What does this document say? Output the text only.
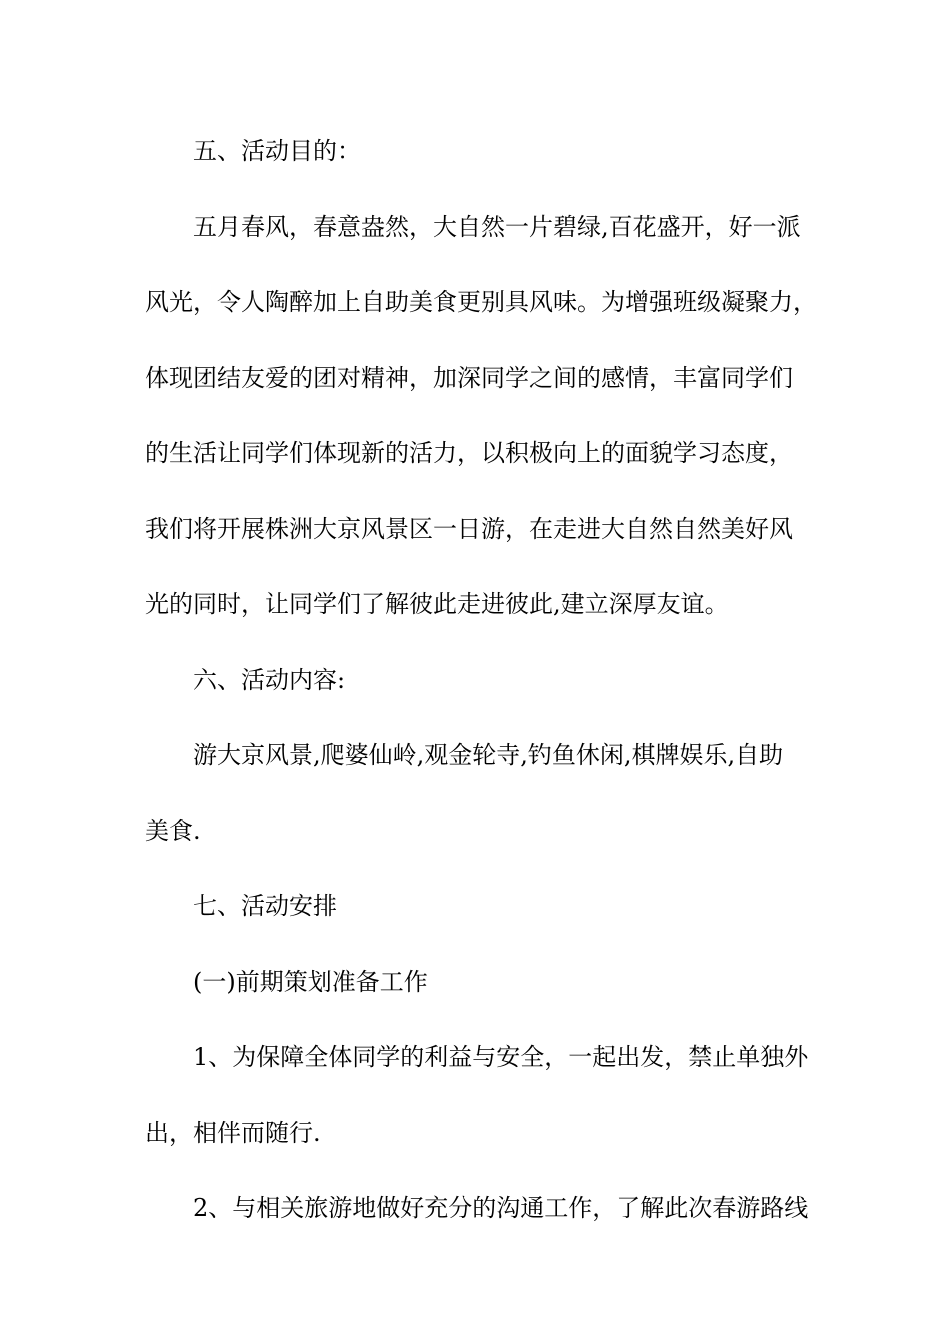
五、活动目的：
五月春风，春意盎然，大自然一片碧绿,百花盛开，好一派
风光，令人陶醉加上自助美食更别具风味。为增强班级凝聚力，
体现团结友爱的团对精神，加深同学之间的感情，丰富同学们
的生活让同学们体现新的活力，以积极向上的面貌学习态度，
我们将开展株洲大京风景区一日游，在走进大自然自然美好风
光的同时，让同学们了解彼此走进彼此,建立深厚友谊。
六、活动内容:
游大京风景,爬婆仙岭,观金轮寺,钓鱼休闲,棋牌娱乐,自助
美食.
七、活动安排
(一)前期策划准备工作
1、为保障全体同学的利益与安全，一起出发，禁止单独外
出，相伴而随行.
2、与相关旅游地做好充分的沟通工作，了解此次春游路线
